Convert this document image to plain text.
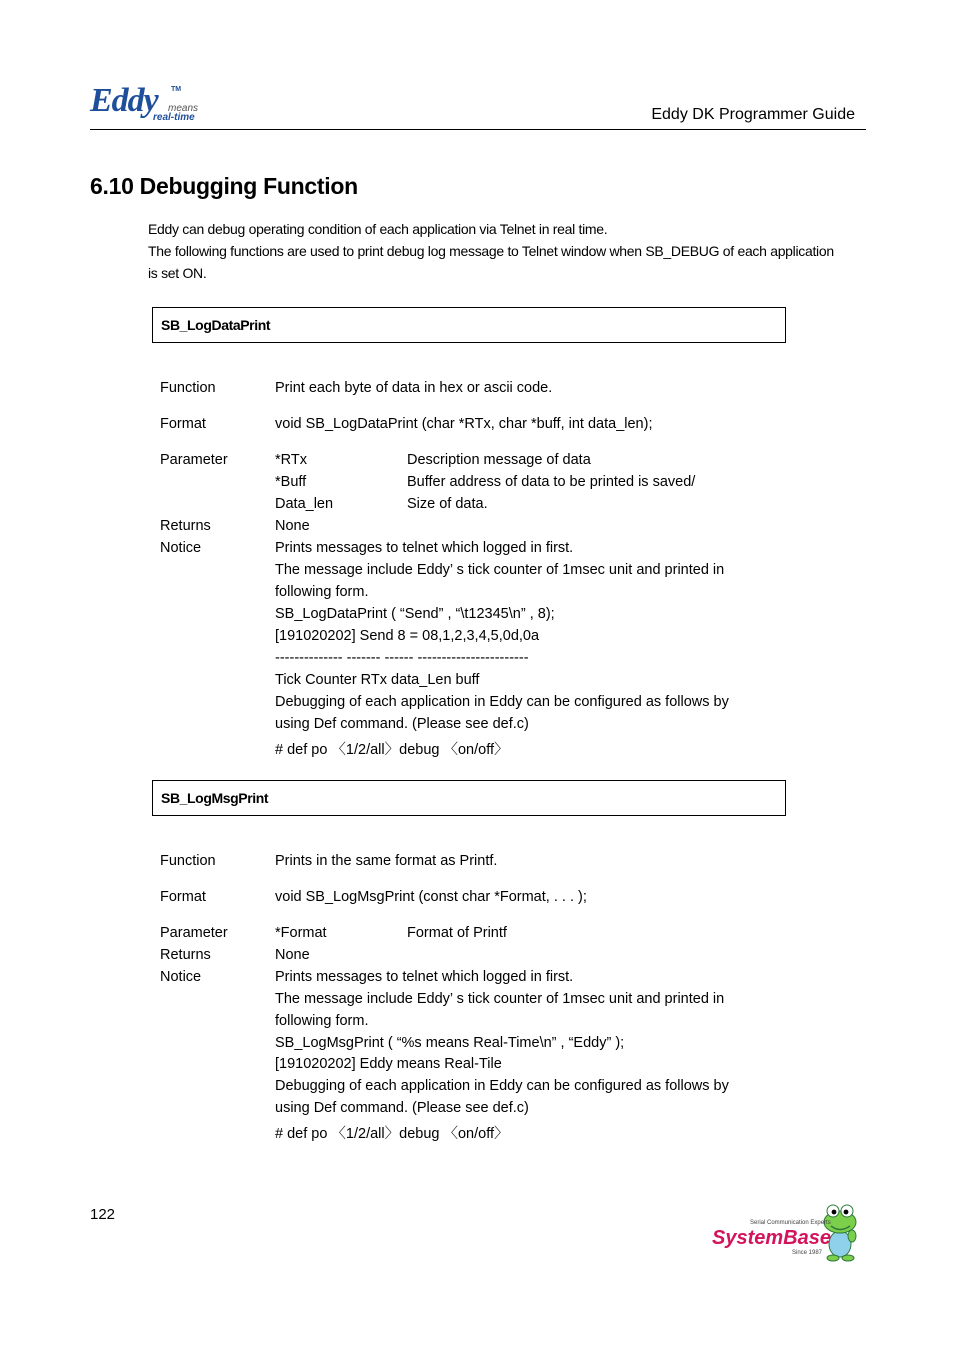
Eddy TM
means
real-time	Eddy DK Programmer Guide
6.10 Debugging Function
Eddy can debug operating condition of each application via Telnet in real time.
The following functions are used to print debug log message to Telnet window when SB_DEBUG of each application
is set ON.
SB_LogDataPrint
Function	Print each byte of data in hex or ascii code.
Format	void SB_LogDataPrint (char *RTx, char *buff, int data_len);
Parameter	*RTx	Description message of data
*Buff	Buffer address of data to be printed is saved/
Data_len	Size of data.
Returns	None
Notice	Prints messages to telnet which logged in first.
The message include Eddy’ s tick counter of 1msec unit and printed in
following form.
SB_LogDataPrint ( “Send” , “\t12345\n” , 8);
[191020202] Send 8 = 08,1,2,3,4,5,0d,0a
-------------- ------- ------ -----------------------
Tick Counter RTx data_Len buff
Debugging of each application in Eddy can be configured as follows by
using Def command. (Please see def.c)
# def po 〈1/2/all〉debug 〈on/off〉
SB_LogMsgPrint
Function	Prints in the same format as Printf.
Format	void SB_LogMsgPrint (const char *Format, . . . );
Parameter	*Format	Format of Printf
Returns	None
Notice	Prints messages to telnet which logged in first.
The message include Eddy’ s tick counter of 1msec unit and printed in
following form.
SB_LogMsgPrint ( “%s means Real-Time\n” , “Eddy” );
[191020202] Eddy means Real-Tile
Debugging of each application in Eddy can be configured as follows by
using Def command. (Please see def.c)
# def po 〈1/2/all〉debug 〈on/off〉
122	Serial Communication Experts
SystemBase
Since 1987
